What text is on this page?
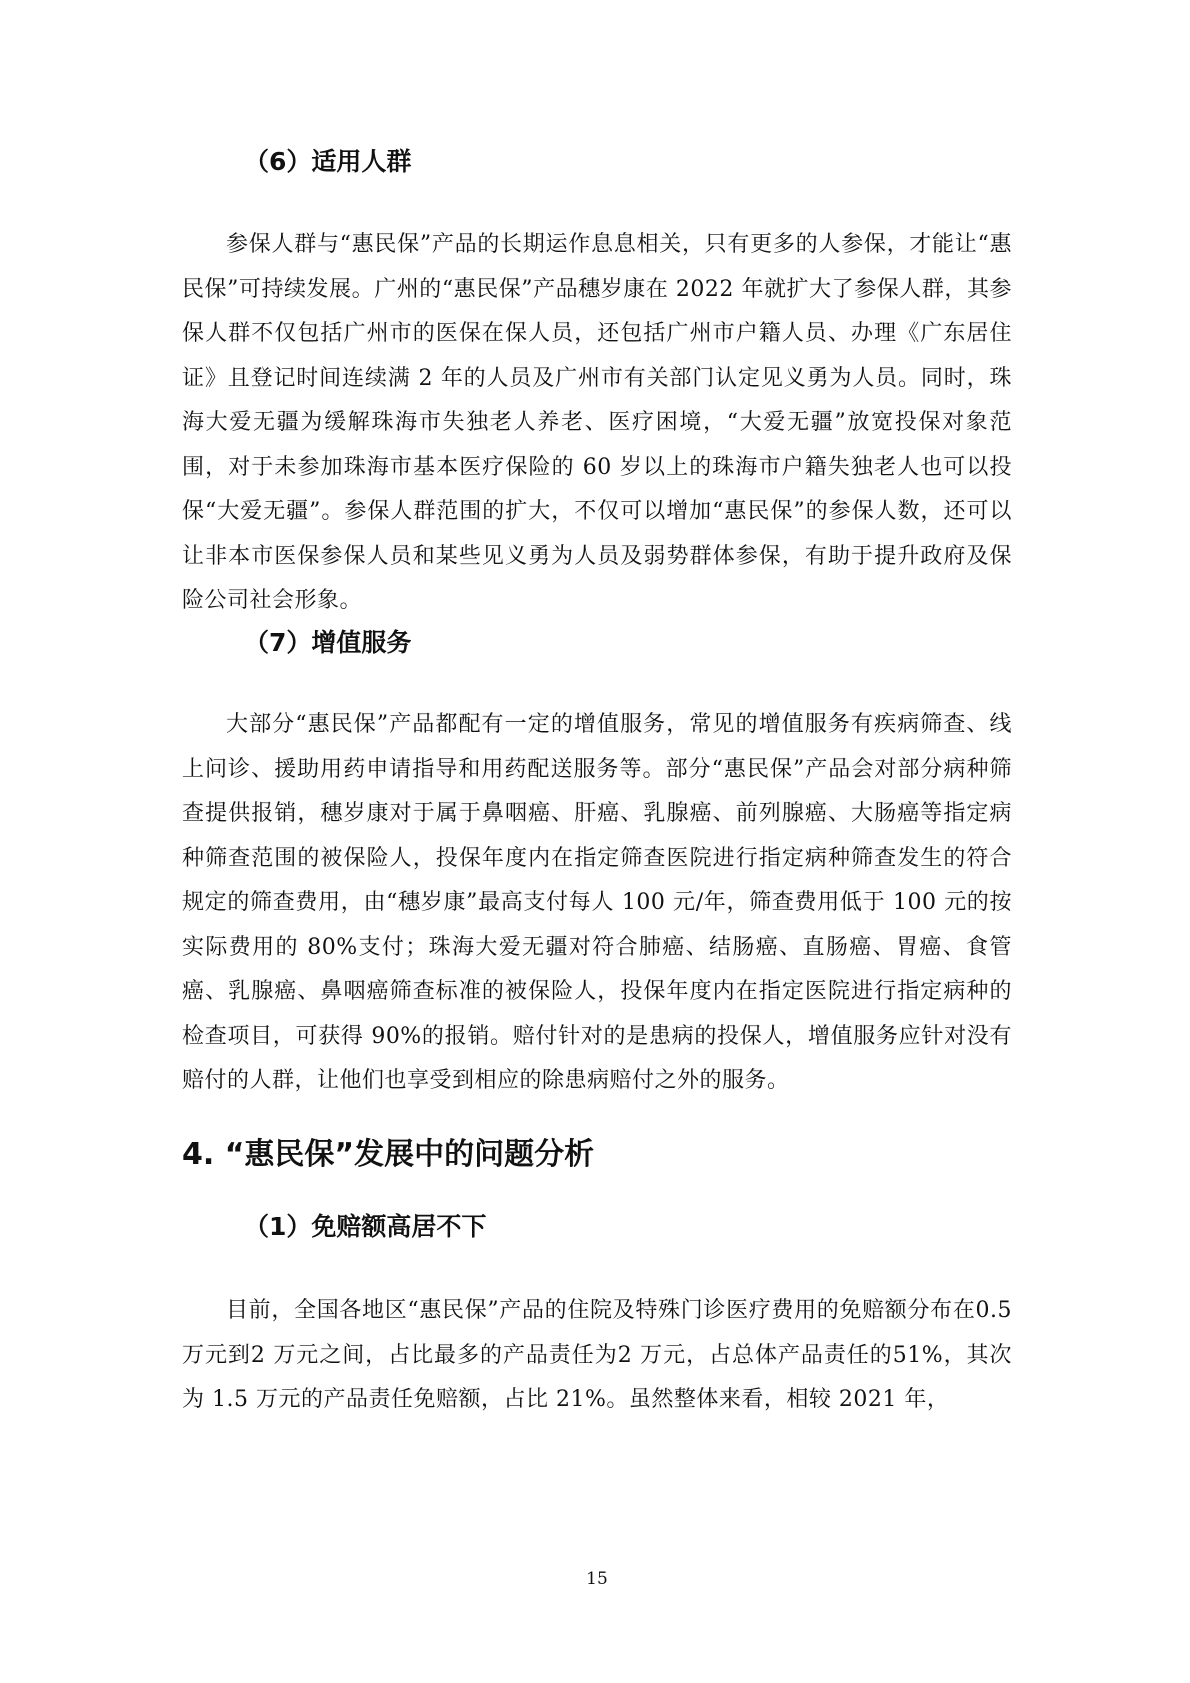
（6）适用人群

参保人群与“惠民保”产品的长期运作息息相关，只有更多的人参保，才能让“惠民保”可持续发展。广州的“惠民保”产品穗岁康在 2022 年就扩大了参保人群，其参保人群不仅包括广州市的医保在保人员，还包括广州市户籍人员、办理《广东居住证》且登记时间连续满 2 年的人员及广州市有关部门认定见义勇为人员。同时，珠海大爱无疆为缓解珠海市失独老人养老、医疗困境，“大爱无疆”放宽投保对象范围，对于未参加珠海市基本医疗保险的 60 岁以上的珠海市户籍失独老人也可以投保“大爱无疆”。参保人群范围的扩大，不仅可以增加“惠民保”的参保人数，还可以让非本市医保参保人员和某些见义勇为人员及弱势群体参保，有助于提升政府及保险公司社会形象。

（7）增值服务

大部分“惠民保”产品都配有一定的增值服务，常见的增值服务有疾病筛查、线上问诊、援助用药申请指导和用药配送服务等。部分“惠民保”产品会对部分病种筛查提供报销，穗岁康对于属于鼻咽癌、肝癌、乳腺癌、前列腺癌、大肠癌等指定病种筛查范围的被保险人，投保年度内在指定筛查医院进行指定病种筛查发生的符合规定的筛查费用，由“穗岁康”最高支付每人 100 元/年，筛查费用低于 100 元的按实际费用的 80%支付；珠海大爱无疆对符合肺癌、结肠癌、直肠癌、胃癌、食管癌、乳腺癌、鼻咽癌筛查标准的被保险人，投保年度内在指定医院进行指定病种的检查项目，可获得 90%的报销。赔付针对的是患病的投保人，增值服务应针对没有赔付的人群，让他们也享受到相应的除患病赔付之外的服务。

4. “惠民保”发展中的问题分析
（1）免赔额高居不下

目前，全国各地区“惠民保”产品的住院及特殊门诊医疗费用的免赔额分布在0.5 万元到2 万元之间，占比最多的产品责任为2 万元，占总体产品责任的51%，其次为 1.5 万元的产品责任免赔额，占比 21%。虽然整体来看，相较 2021 年，

15
